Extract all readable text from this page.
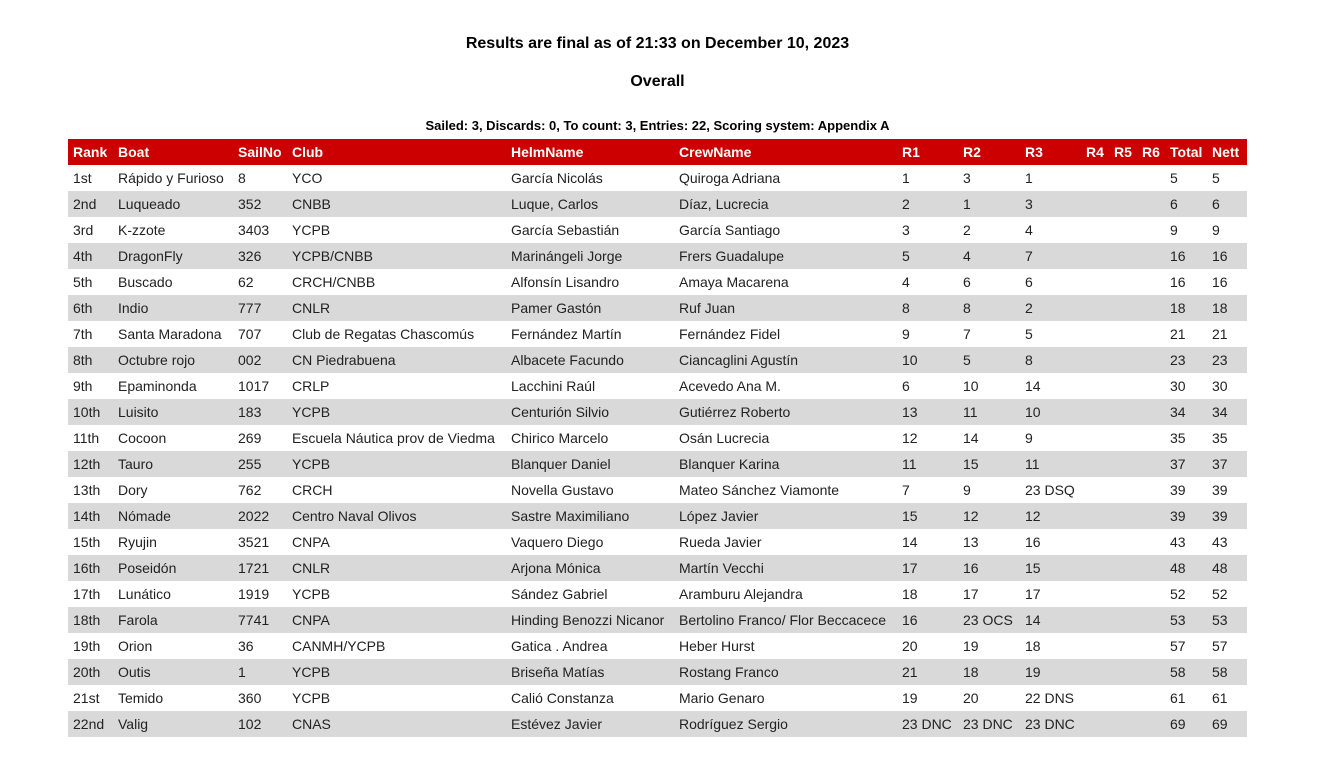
Results are final as of 21:33 on December 10, 2023
Overall
Sailed: 3, Discards: 0, To count: 3, Entries: 22, Scoring system: Appendix A
Rank	Boat	SailNo	Club	HelmName	CrewName	R1	R2	R3	R4	R5	R6	Total	Nett
1st	Rápido y Furioso	8	YCO	García Nicolás	Quiroga Adriana	1	3	1				5	5
2nd	Luqueado	352	CNBB	Luque, Carlos	Díaz, Lucrecia	2	1	3				6	6
3rd	K-zzote	3403	YCPB	García Sebastián	García Santiago	3	2	4				9	9
4th	DragonFly	326	YCPB/CNBB	Marinángeli Jorge	Frers Guadalupe	5	4	7				16	16
5th	Buscado	62	CRCH/CNBB	Alfonsín Lisandro	Amaya Macarena	4	6	6				16	16
6th	Indio	777	CNLR	Pamer Gastón	Ruf Juan	8	8	2				18	18
7th	Santa Maradona	707	Club de Regatas Chascomús	Fernández Martín	Fernández Fidel	9	7	5				21	21
8th	Octubre rojo	002	CN Piedrabuena	Albacete Facundo	Ciancaglini Agustín	10	5	8				23	23
9th	Epaminonda	1017	CRLP	Lacchini Raúl	Acevedo Ana M.	6	10	14				30	30
10th	Luisito	183	YCPB	Centurión Silvio	Gutiérrez Roberto	13	11	10				34	34
11th	Cocoon	269	Escuela Náutica prov de Viedma	Chirico Marcelo	Osán Lucrecia	12	14	9				35	35
12th	Tauro	255	YCPB	Blanquer Daniel	Blanquer Karina	11	15	11				37	37
13th	Dory	762	CRCH	Novella Gustavo	Mateo Sánchez Viamonte	7	9	23 DSQ				39	39
14th	Nómade	2022	Centro Naval Olivos	Sastre Maximiliano	López Javier	15	12	12				39	39
15th	Ryujin	3521	CNPA	Vaquero Diego	Rueda Javier	14	13	16				43	43
16th	Poseidón	1721	CNLR	Arjona Mónica	Martín Vecchi	17	16	15				48	48
17th	Lunático	1919	YCPB	Sández Gabriel	Aramburu Alejandra	18	17	17				52	52
18th	Farola	7741	CNPA	Hinding Benozzi Nicanor	Bertolino Franco/ Flor Beccacece	16	23 OCS	14				53	53
19th	Orion	36	CANMH/YCPB	Gatica . Andrea	Heber Hurst	20	19	18				57	57
20th	Outis	1	YCPB	Briseña Matías	Rostang Franco	21	18	19				58	58
21st	Temido	360	YCPB	Calió Constanza	Mario Genaro	19	20	22 DNS				61	61
22nd	Valig	102	CNAS	Estévez Javier	Rodríguez Sergio	23 DNC	23 DNC	23 DNC				69	69
